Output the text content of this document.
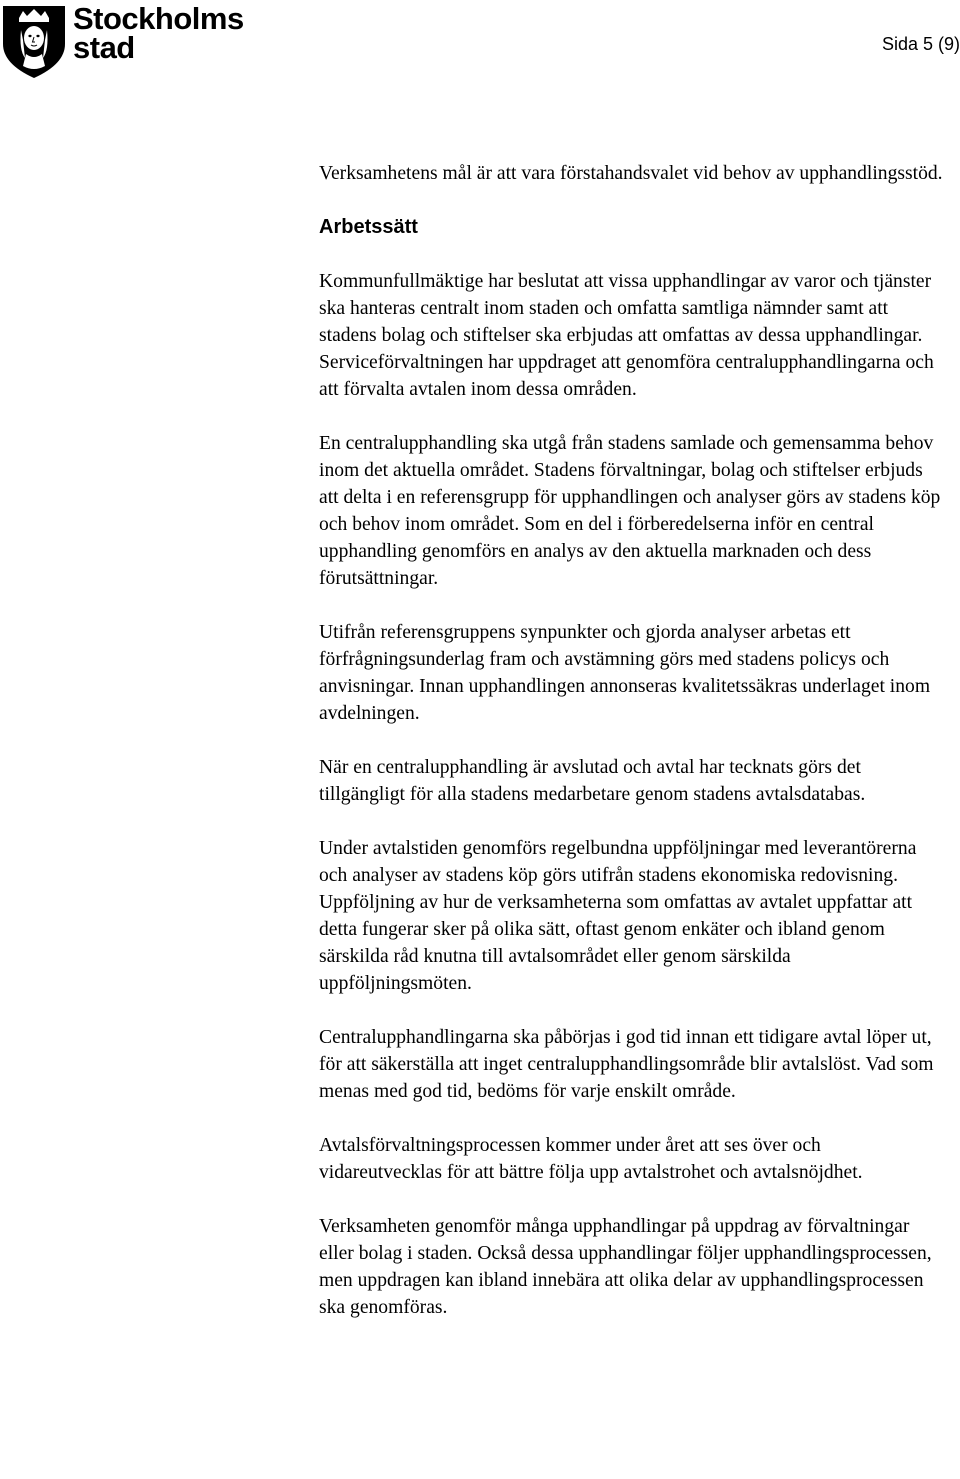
Stockholms
stad	Sida 5 (9)

Verksamhetens mål är att vara förstahandsvalet vid behov av upphandlingsstöd.

Arbetssätt

Kommunfullmäktige har beslutat att vissa upphandlingar av varor och tjänster ska hanteras centralt inom staden och omfatta samtliga nämnder samt att stadens bolag och stiftelser ska erbjudas att omfattas av dessa upphandlingar. Serviceförvaltningen har uppdraget att genomföra centralupphandlingarna och att förvalta avtalen inom dessa områden.

En centralupphandling ska utgå från stadens samlade och gemensamma behov inom det aktuella området. Stadens förvaltningar, bolag och stiftelser erbjuds att delta i en referensgrupp för upphandlingen och analyser görs av stadens köp och behov inom området. Som en del i förberedelserna inför en central upphandling genomförs en analys av den aktuella marknaden och dess förutsättningar.

Utifrån referensgruppens synpunkter och gjorda analyser arbetas ett förfrågningsunderlag fram och avstämning görs med stadens policys och anvisningar. Innan upphandlingen annonseras kvalitetssäkras underlaget inom avdelningen.

När en centralupphandling är avslutad och avtal har tecknats görs det tillgängligt för alla stadens medarbetare genom stadens avtalsdatabas.

Under avtalstiden genomförs regelbundna uppföljningar med leverantörerna och analyser av stadens köp görs utifrån stadens ekonomiska redovisning. Uppföljning av hur de verksamheterna som omfattas av avtalet uppfattar att detta fungerar sker på olika sätt, oftast genom enkäter och ibland genom särskilda råd knutna till avtalsområdet eller genom särskilda uppföljningsmöten.

Centralupphandlingarna ska påbörjas i god tid innan ett tidigare avtal löper ut, för att säkerställa att inget centralupphandlingsområde blir avtalslöst. Vad som menas med god tid, bedöms för varje enskilt område.

Avtalsförvaltningsprocessen kommer under året att ses över och vidareutvecklas för att bättre följa upp avtalstrohet och avtalsnöjdhet.

Verksamheten genomför många upphandlingar på uppdrag av förvaltningar eller bolag i staden. Också dessa upphandlingar följer upphandlingsprocessen, men uppdragen kan ibland innebära att olika delar av upphandlingsprocessen ska genomföras.
